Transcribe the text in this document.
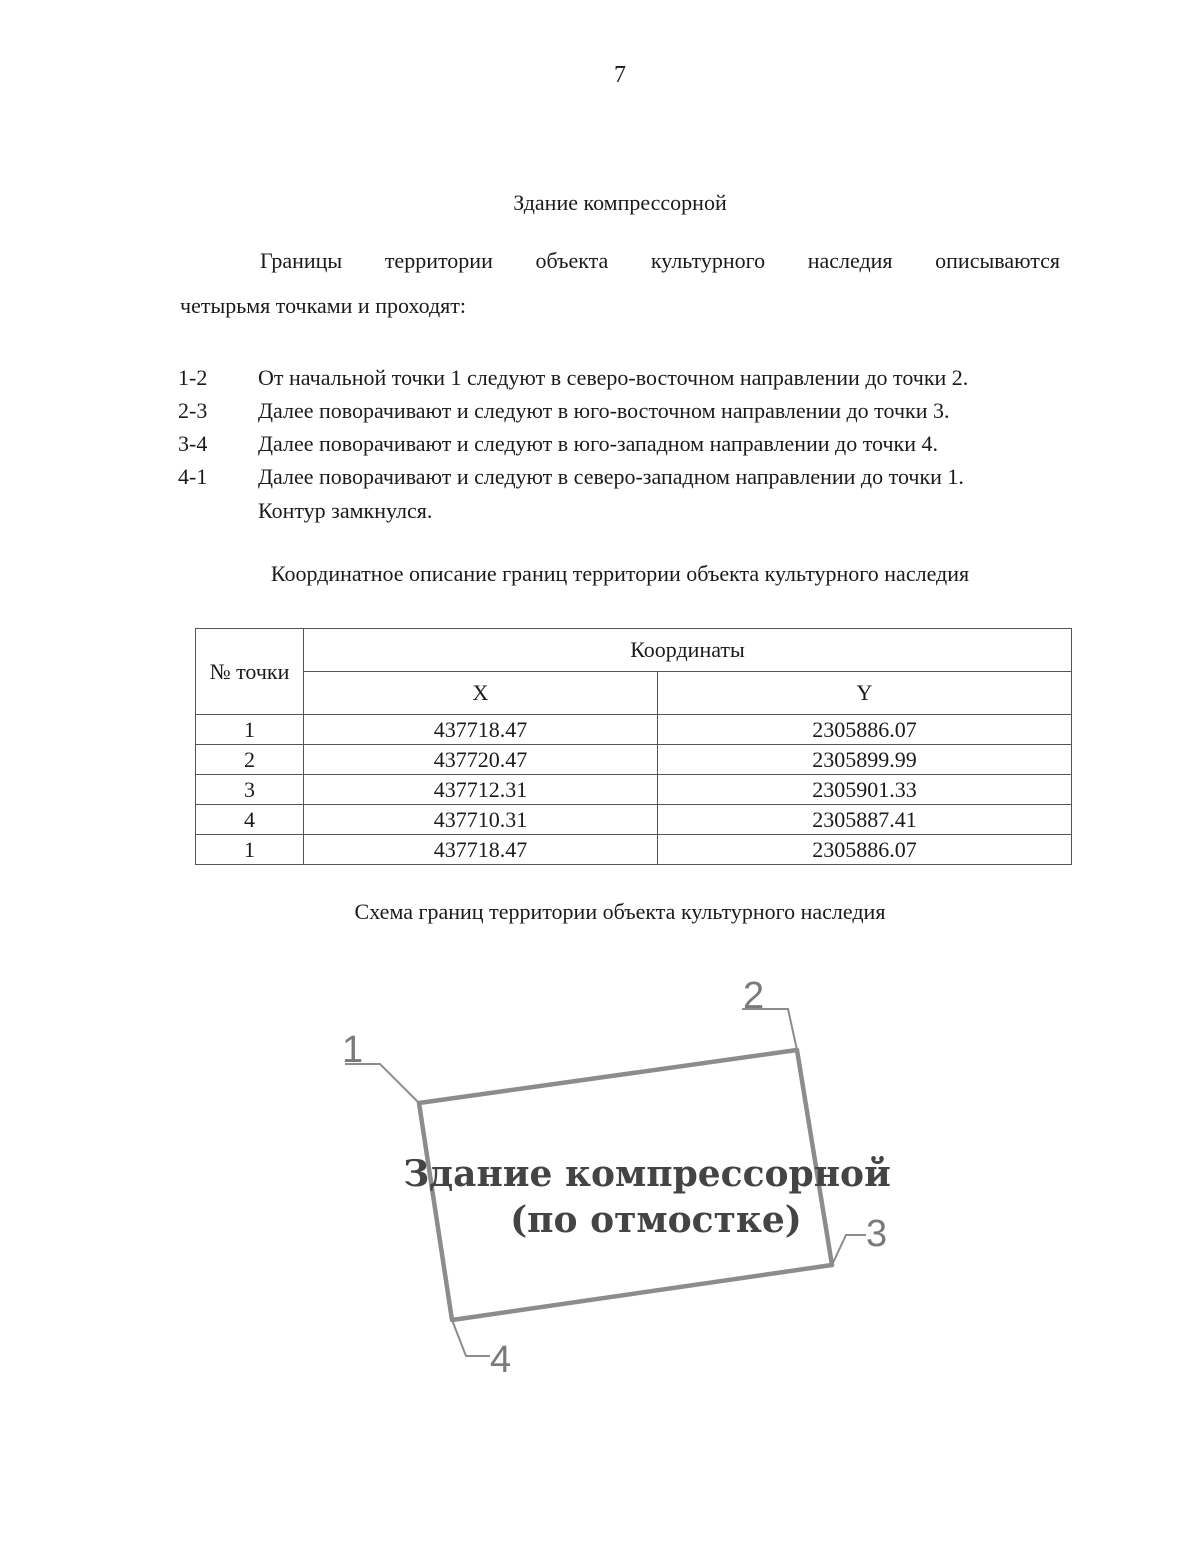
7
Здание компрессорной
Границы территории объекта культурного наследия описываются
четырьмя точками и проходят:
1-2 От начальной точки 1 следуют в северо-восточном направлении до точки 2.
2-3 Далее поворачивают и следуют в юго-восточном направлении до точки 3.
3-4 Далее поворачивают и следуют в юго-западном направлении до точки 4.
4-1 Далее поворачивают и следуют в северо-западном направлении до точки 1.
Контур замкнулся.
Координатное описание границ территории объекта культурного наследия
№ точки	Координаты	
	X	Y
1	437718.47	2305886.07
2	437720.47	2305899.99
3	437712.31	2305901.33
4	437710.31	2305887.41
1	437718.47	2305886.07
Схема границ территории объекта культурного наследия
1
2
3
4
Здание компрессорной
(по отмостке)
